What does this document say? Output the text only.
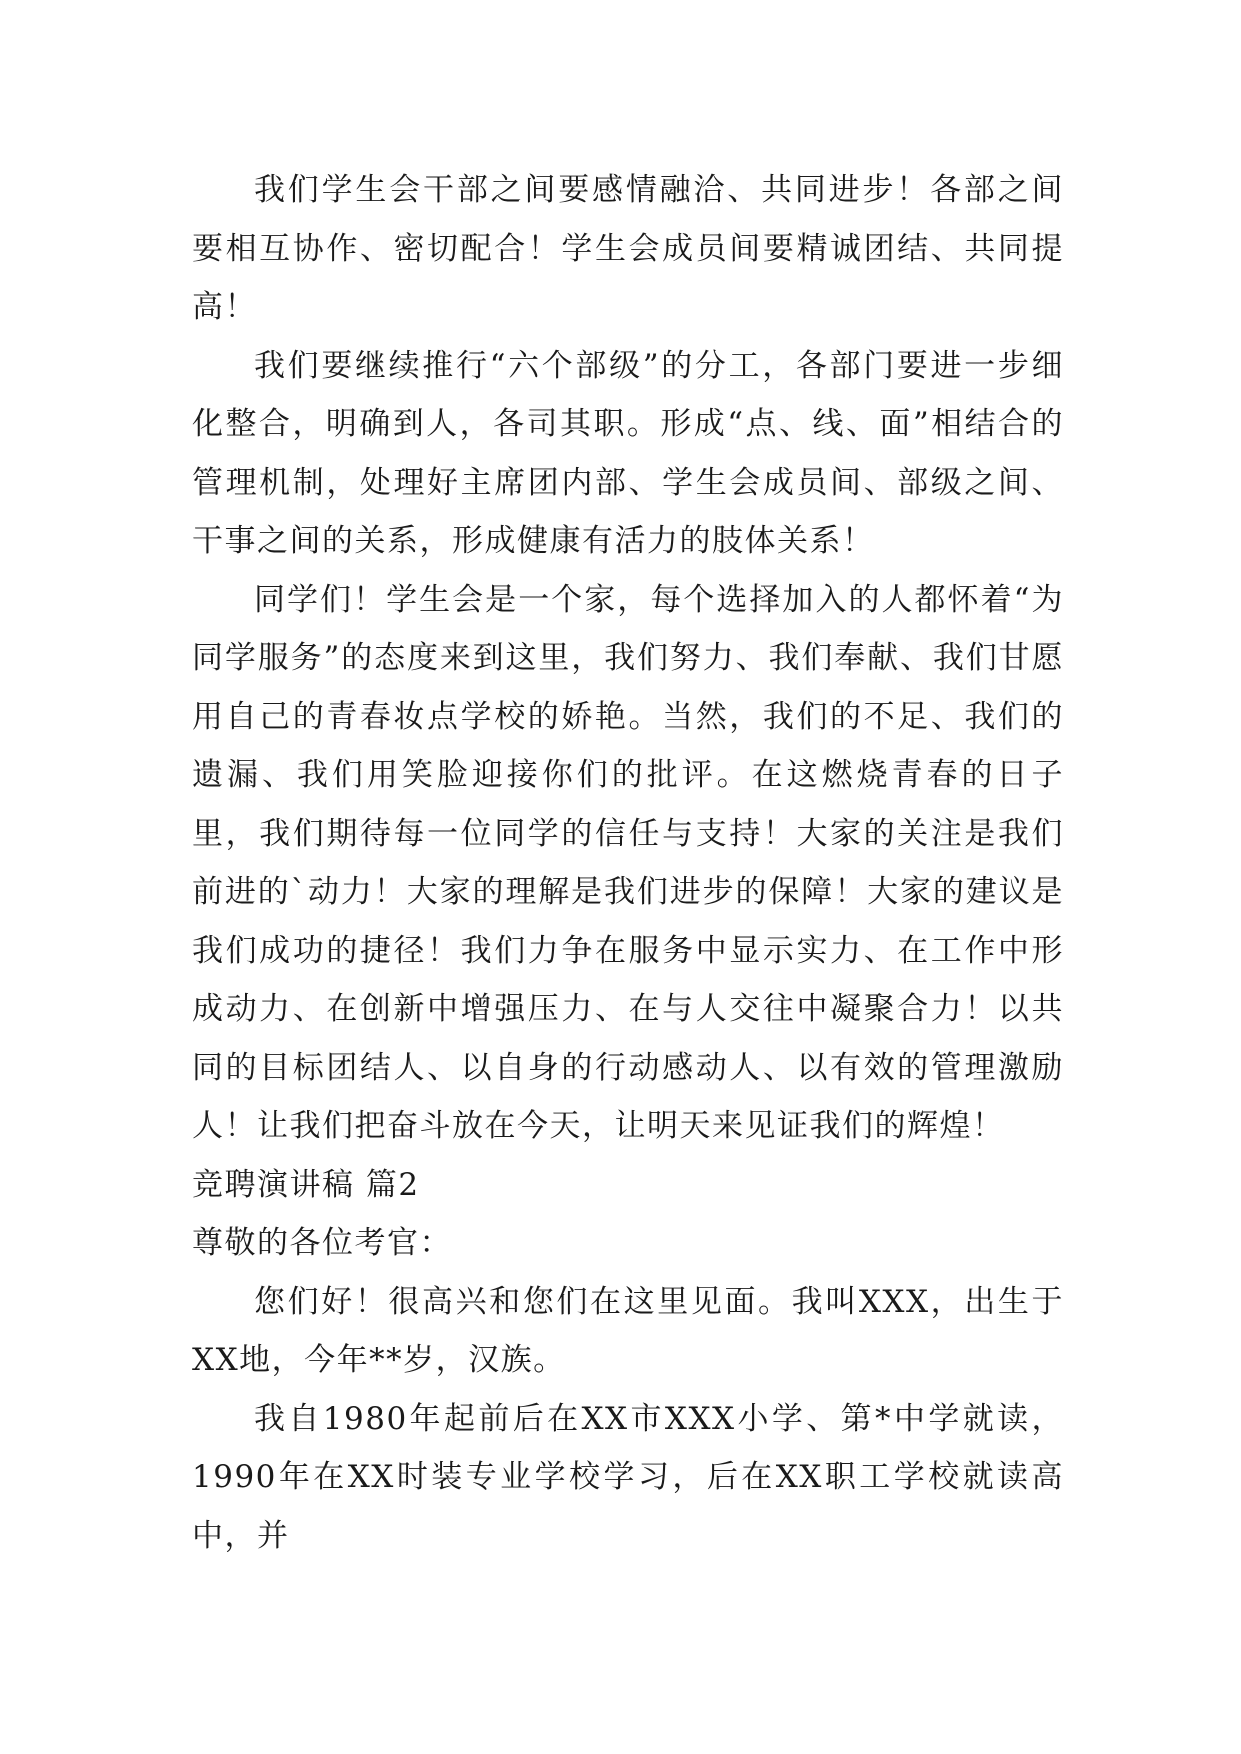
我们学生会干部之间要感情融洽、共同进步！各部之间要相互协作、密切配合！学生会成员间要精诚团结、共同提高！

我们要继续推行“六个部级”的分工，各部门要进一步细化整合，明确到人，各司其职。形成“点、线、面”相结合的管理机制，处理好主席团内部、学生会成员间、部级之间、干事之间的关系，形成健康有活力的肢体关系！

同学们！学生会是一个家，每个选择加入的人都怀着“为同学服务”的态度来到这里，我们努力、我们奉献、我们甘愿用自己的青春妆点学校的娇艳。当然，我们的不足、我们的遗漏、我们用笑脸迎接你们的批评。在这燃烧青春的日子里，我们期待每一位同学的信任与支持！大家的关注是我们前进的`动力！大家的理解是我们进步的保障！大家的建议是我们成功的捷径！我们力争在服务中显示实力、在工作中形成动力、在创新中增强压力、在与人交往中凝聚合力！以共同的目标团结人、以自身的行动感动人、以有效的管理激励人！让我们把奋斗放在今天，让明天来见证我们的辉煌！

竞聘演讲稿 篇2

尊敬的各位考官：

您们好！很高兴和您们在这里见面。我叫XXX，出生于XX地，今年**岁，汉族。

我自1980年起前后在XX市XXX小学、第*中学就读，1990年在XX时装专业学校学习，后在XX职工学校就读高中，并
